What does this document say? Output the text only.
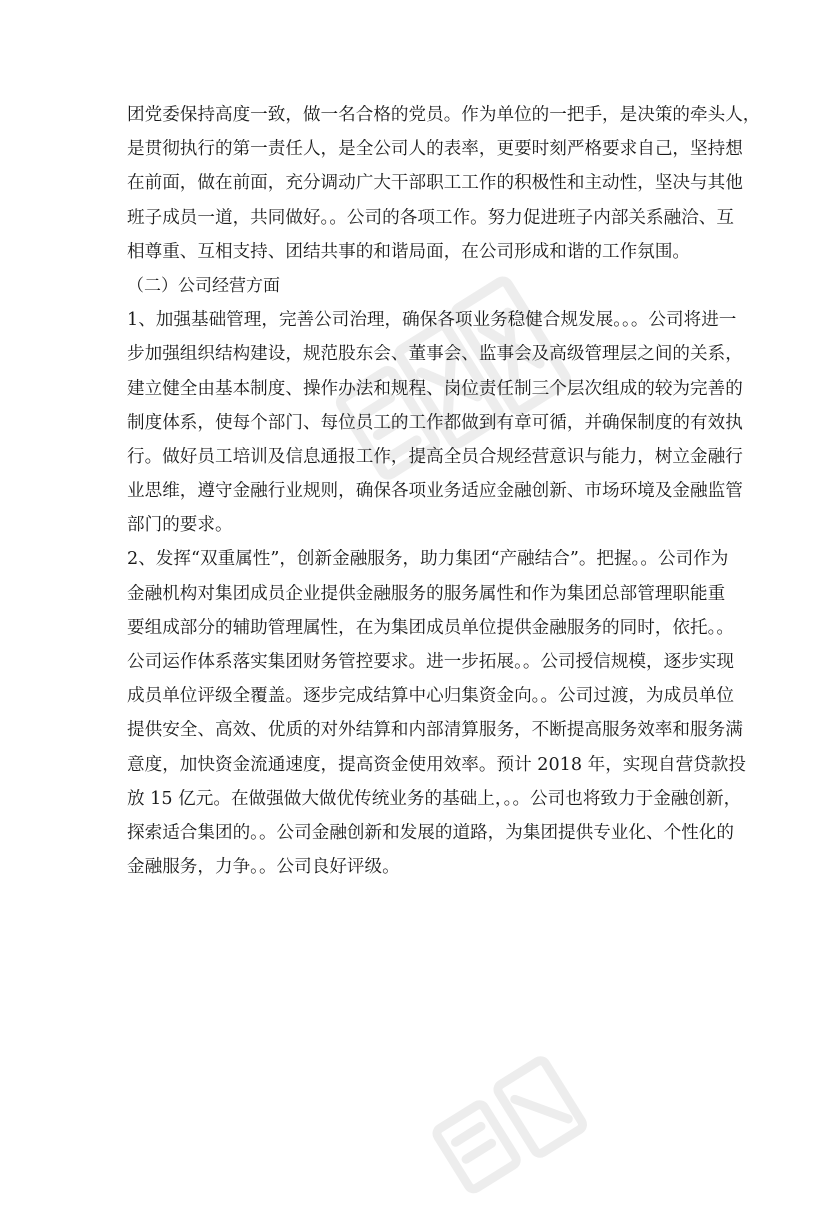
团党委保持高度一致，做一名合格的党员。作为单位的一把手，是决策的牵头人，
是贯彻执行的第一责任人，是全公司人的表率，更要时刻严格要求自己，坚持想
在前面，做在前面，充分调动广大干部职工工作的积极性和主动性，坚决与其他
班子成员一道，共同做好。。公司的各项工作。努力促进班子内部关系融洽、互
相尊重、互相支持、团结共事的和谐局面，在公司形成和谐的工作氛围。
（二）公司经营方面
1、加强基础管理，完善公司治理，确保各项业务稳健合规发展。。。公司将进一
步加强组织结构建设，规范股东会、董事会、监事会及高级管理层之间的关系，
建立健全由基本制度、操作办法和规程、岗位责任制三个层次组成的较为完善的
制度体系，使每个部门、每位员工的工作都做到有章可循，并确保制度的有效执
行。做好员工培训及信息通报工作，提高全员合规经营意识与能力，树立金融行
业思维，遵守金融行业规则，确保各项业务适应金融创新、市场环境及金融监管
部门的要求。
2、发挥“双重属性”，创新金融服务，助力集团“产融结合”。把握。。公司作为
金融机构对集团成员企业提供金融服务的服务属性和作为集团总部管理职能重
要组成部分的辅助管理属性，在为集团成员单位提供金融服务的同时，依托。。
公司运作体系落实集团财务管控要求。进一步拓展。。公司授信规模，逐步实现
成员单位评级全覆盖。逐步完成结算中心归集资金向。。公司过渡，为成员单位
提供安全、高效、优质的对外结算和内部清算服务，不断提高服务效率和服务满
意度，加快资金流通速度，提高资金使用效率。预计 2018 年，实现自营贷款投
放 15 亿元。在做强做大做优传统业务的基础上，。。公司也将致力于金融创新，
探索适合集团的。。公司金融创新和发展的道路，为集团提供专业化、个性化的
金融服务，力争。。公司良好评级。
